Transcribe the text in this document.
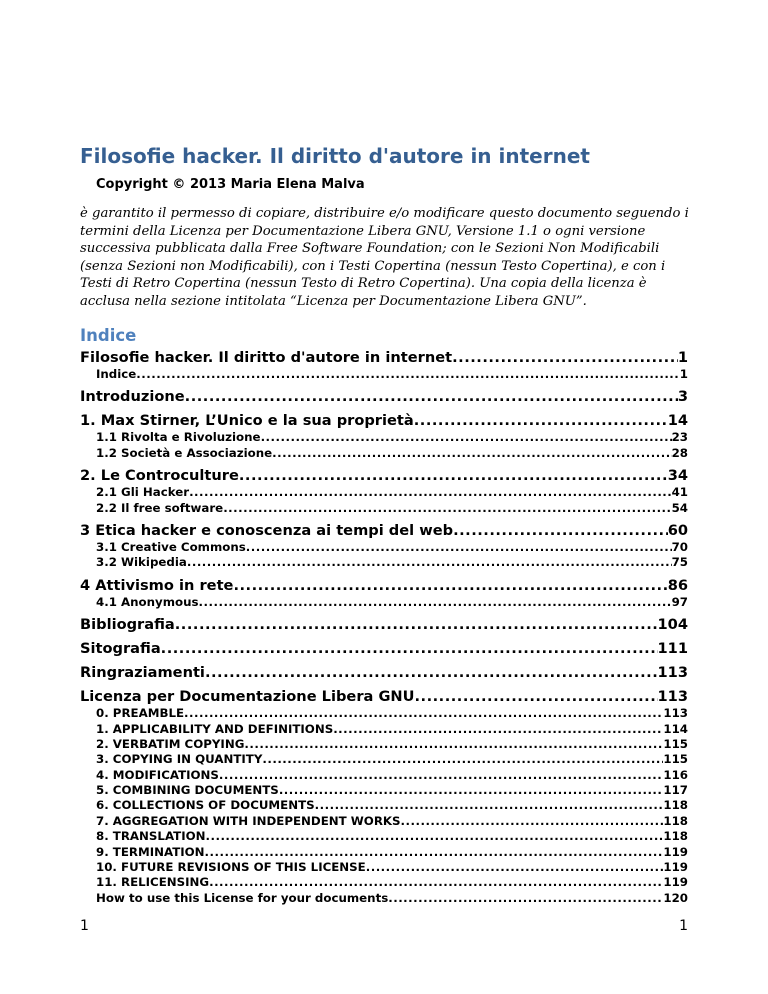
Filosofie hacker. Il diritto d'autore in internet
Copyright © 2013 Maria Elena Malva

è garantito il permesso di copiare, distribuire e/o modificare questo documento seguendo i termini della Licenza per Documentazione Libera GNU, Versione 1.1 o ogni versione successiva pubblicata dalla Free Software Foundation; con le Sezioni Non Modificabili (senza Sezioni non Modificabili), con i Testi Copertina (nessun Testo Copertina), e con i Testi di Retro Copertina (nessun Testo di Retro Copertina). Una copia della licenza è acclusa nella sezione intitolata “Licenza per Documentazione Libera GNU”.

Indice
Filosofie hacker. Il diritto d'autore in internet .....	1
Indice .....	1
Introduzione .....	3
1. Max Stirner, L’Unico e la sua proprietà .....	14
1.1 Rivolta e Rivoluzione .....	23
1.2 Società e Associazione .....	28
2. Le Controculture .....	34
2.1 Gli Hacker .....	41
2.2 Il free software .....	54
3 Etica hacker e conoscenza ai tempi del web .....	60
3.1 Creative Commons .....	70
3.2 Wikipedia .....	75
4 Attivismo in rete .....	86
4.1 Anonymous .....	97
Bibliografia .....	104
Sitografia .....	111
Ringraziamenti .....	113
Licenza per Documentazione Libera GNU .....	113
0. PREAMBLE .....	113
1. APPLICABILITY AND DEFINITIONS .....	114
2. VERBATIM COPYING .....	115
3. COPYING IN QUANTITY .....	115
4. MODIFICATIONS .....	116
5. COMBINING DOCUMENTS .....	117
6. COLLECTIONS OF DOCUMENTS .....	118
7. AGGREGATION WITH INDEPENDENT WORKS .....	118
8. TRANSLATION .....	118
9. TERMINATION .....	119
10. FUTURE REVISIONS OF THIS LICENSE .....	119
11. RELICENSING .....	119
How to use this License for your documents .....	120
1	1
